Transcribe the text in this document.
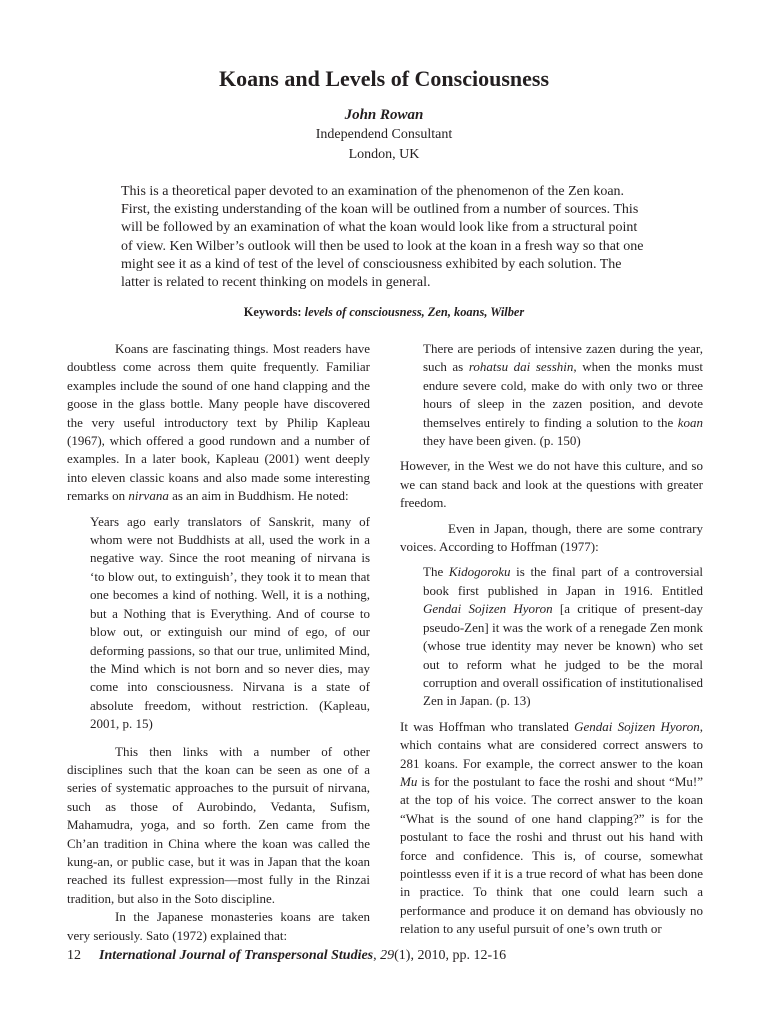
Koans and Levels of Consciousness
John Rowan
Independend Consultant
London, UK

This is a theoretical paper devoted to an examination of the phenomenon of the Zen koan. First, the existing understanding of the koan will be outlined from a number of sources. This will be followed by an examination of what the koan would look like from a structural point of view. Ken Wilber’s outlook will then be used to look at the koan in a fresh way so that one might see it as a kind of test of the level of consciousness exhibited by each solution. The latter is related to recent thinking on models in general.

Keywords: levels of consciousness, Zen, koans, Wilber

Koans are fascinating things. Most readers have doubtless come across them quite frequently. Familiar examples include the sound of one hand clapping and the goose in the glass bottle. Many people have discovered the very useful introductory text by Philip Kapleau (1967), which offered a good rundown and a number of examples. In a later book, Kapleau (2001) went deeply into eleven classic koans and also made some interesting remarks on nirvana as an aim in Buddhism. He noted:

Years ago early translators of Sanskrit, many of whom were not Buddhists at all, used the work in a negative way. Since the root meaning of nirvana is ‘to blow out, to extinguish’, they took it to mean that one becomes a kind of nothing. Well, it is a nothing, but a Nothing that is Everything. And of course to blow out, or extinguish our mind of ego, of our deforming passions, so that our true, unlimited Mind, the Mind which is not born and so never dies, may come into consciousness. Nirvana is a state of absolute freedom, without restriction. (Kapleau, 2001, p. 15)

This then links with a number of other disciplines such that the koan can be seen as one of a series of systematic approaches to the pursuit of nirvana, such as those of Aurobindo, Vedanta, Sufism, Mahamudra, yoga, and so forth. Zen came from the Ch’an tradition in China where the koan was called the kung-an, or public case, but it was in Japan that the koan reached its fullest expression—most fully in the Rinzai tradition, but also in the Soto discipline.

In the Japanese monasteries koans are taken very seriously. Sato (1972) explained that:

There are periods of intensive zazen during the year, such as rohatsu dai sesshin, when the monks must endure severe cold, make do with only two or three hours of sleep in the zazen position, and devote themselves entirely to finding a solution to the koan they have been given. (p. 150)

However, in the West we do not have this culture, and so we can stand back and look at the questions with greater freedom.

Even in Japan, though, there are some contrary voices. According to Hoffman (1977):

The Kidogoroku is the final part of a controversial book first published in Japan in 1916. Entitled Gendai Sojizen Hyoron [a critique of present-day pseudo-Zen] it was the work of a renegade Zen monk (whose true identity may never be known) who set out to reform what he judged to be the moral corruption and overall ossification of institutionalised Zen in Japan. (p. 13)

It was Hoffman who translated Gendai Sojizen Hyoron, which contains what are considered correct answers to 281 koans. For example, the correct answer to the koan Mu is for the postulant to face the roshi and shout “Mu!” at the top of his voice. The correct answer to the koan “What is the sound of one hand clapping?” is for the postulant to face the roshi and thrust out his hand with force and confidence. This is, of course, somewhat pointlesss even if it is a true record of what has been done in practice. To think that one could learn such a performance and produce it on demand has obviously no relation to any useful pursuit of one’s own truth or

12 International Journal of Transpersonal Studies, 29(1), 2010, pp. 12-16
